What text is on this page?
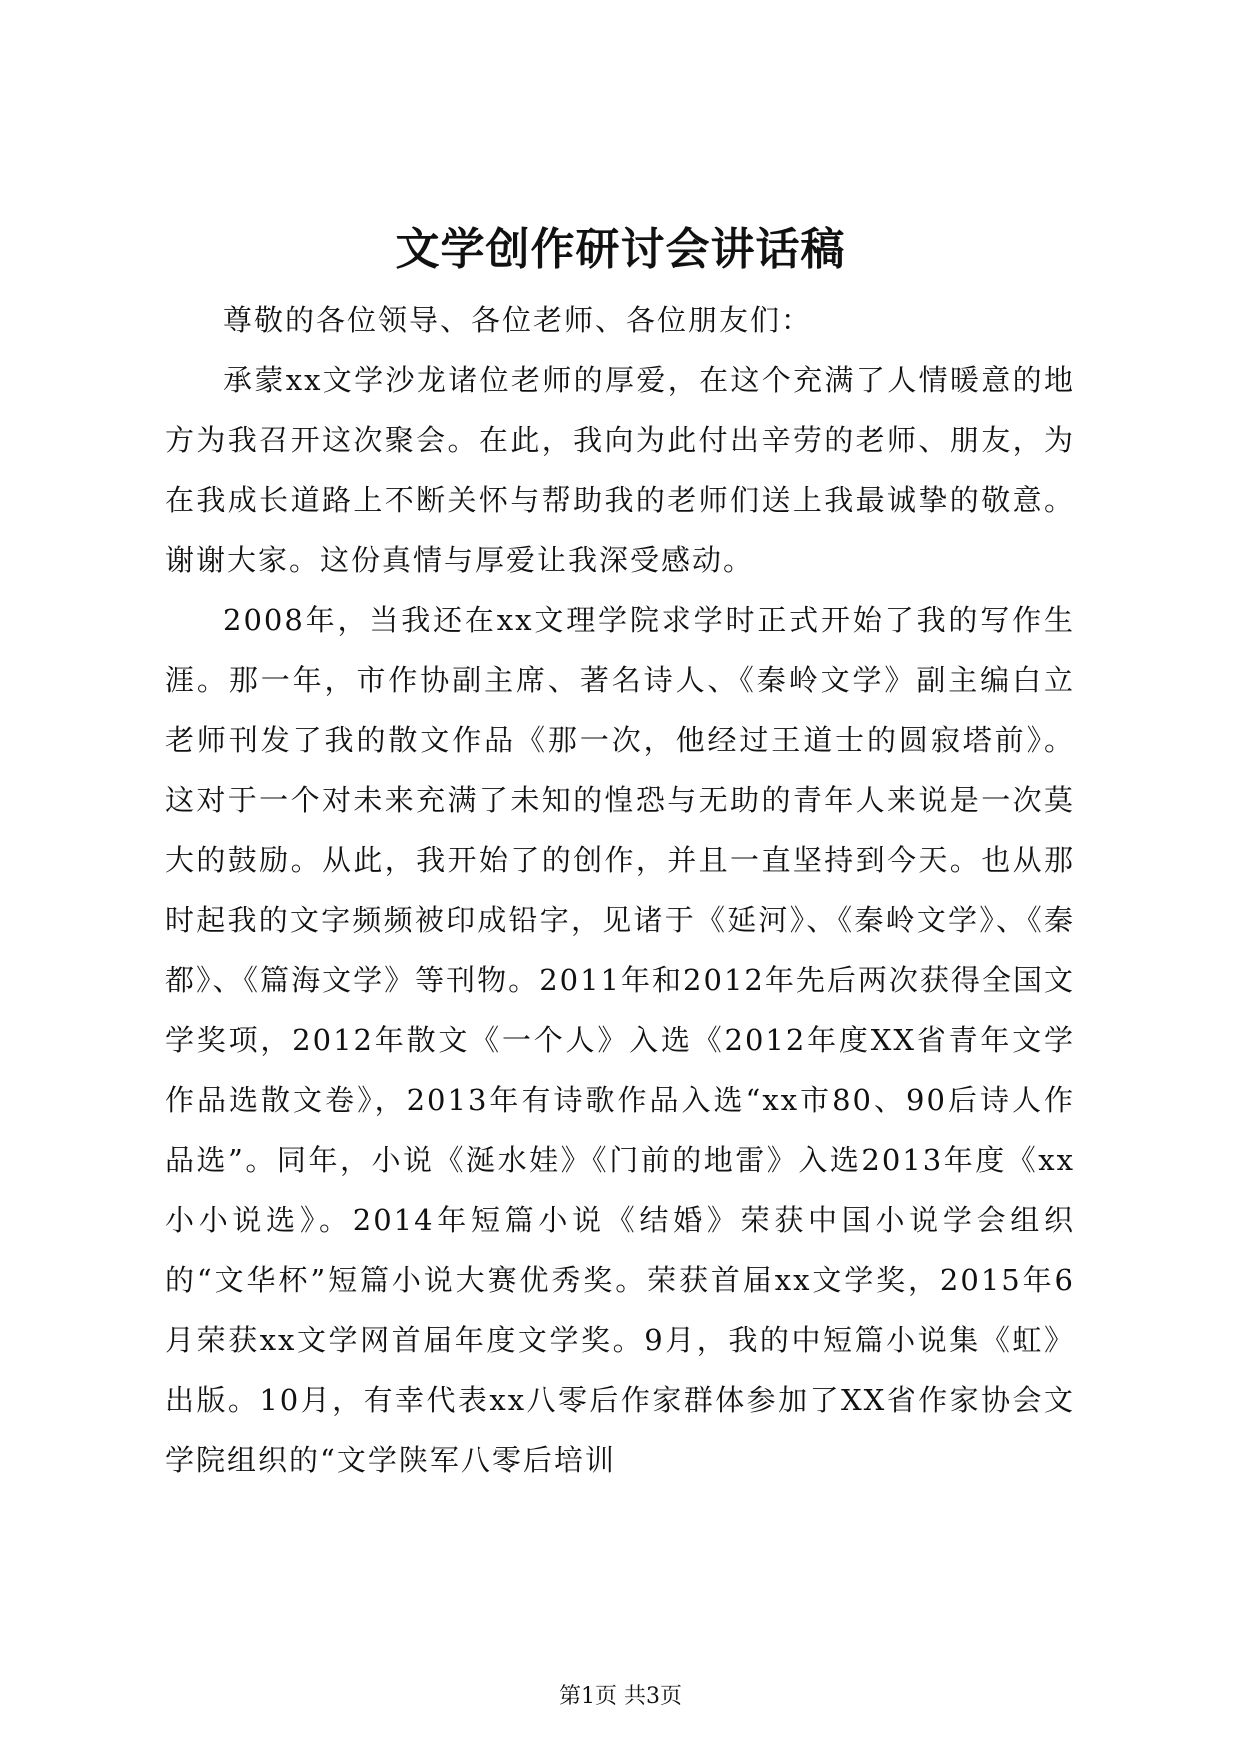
文学创作研讨会讲话稿

尊敬的各位领导、各位老师、各位朋友们：

承蒙xx文学沙龙诸位老师的厚爱，在这个充满了人情暖意的地方为我召开这次聚会。在此，我向为此付出辛劳的老师、朋友，为在我成长道路上不断关怀与帮助我的老师们送上我最诚挚的敬意。谢谢大家。这份真情与厚爱让我深受感动。

2008年，当我还在xx文理学院求学时正式开始了我的写作生涯。那一年，市作协副主席、著名诗人、《秦岭文学》副主编白立老师刊发了我的散文作品《那一次，他经过王道士的圆寂塔前》。这对于一个对未来充满了未知的惶恐与无助的青年人来说是一次莫大的鼓励。从此，我开始了的创作，并且一直坚持到今天。也从那时起我的文字频频被印成铅字，见诸于《延河》、《秦岭文学》、《秦都》、《篇海文学》等刊物。2011年和2012年先后两次获得全国文学奖项，2012年散文《一个人》入选《2012年度XX省青年文学作品选散文卷》，2013年有诗歌作品入选“xx市80、90后诗人作品选”。同年，小说《涎水娃》《门前的地雷》入选2013年度《xx小小说选》。2014年短篇小说《结婚》荣获中国小说学会组织的“文华杯”短篇小说大赛优秀奖。荣获首届xx文学奖，2015年6月荣获xx文学网首届年度文学奖。9月，我的中短篇小说集《虹》出版。10月，有幸代表xx八零后作家群体参加了XX省作家协会文学院组织的“文学陕军八零后培训

第1页 共3页
